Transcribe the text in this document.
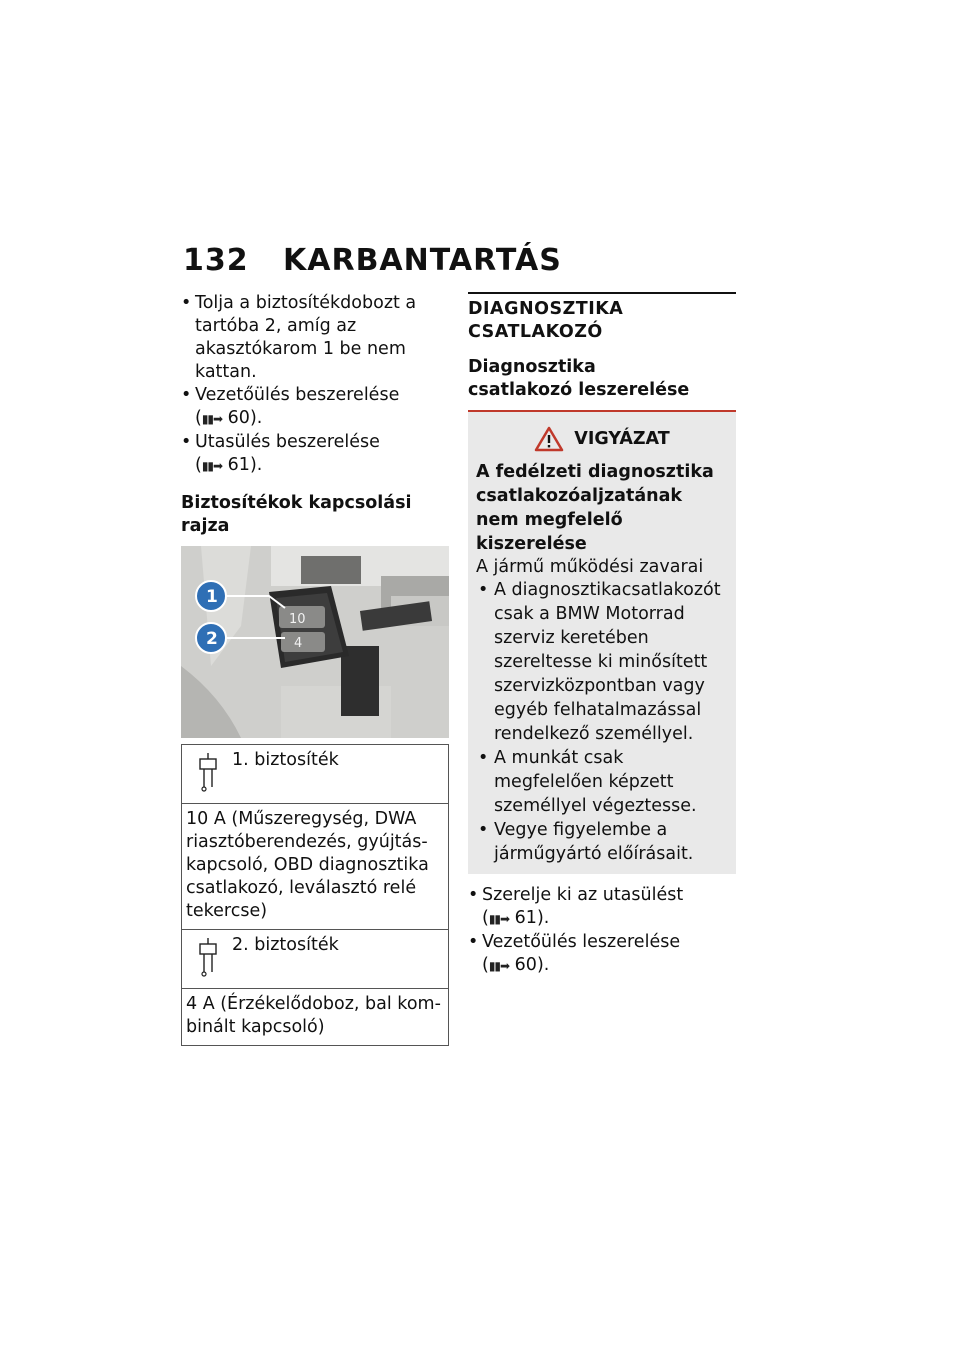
132 KARBANTARTÁS

• Tolja a biztosítékdobozt a tartóba 2, amíg az akasztókarom 1 be nem kattan.

• Vezetőülés beszerelése
(▮▮➡ 60).

• Utasülés beszerelése (▮▮➡ 61).

Biztosítékok kapcsolási rajza
10
4
1
2
1. biztosíték
10 A (Műszeregység, DWA riasztóberendezés, gyújtáskapcsoló, OBD diagnosztika csatlakozó, leválasztó relé tekercse)
2. biztosíték
4 A (Érzékelődoboz, bal kombinált kapcsoló)
DIAGNOSZTIKA CSATLAKOZÓ
Diagnosztika csatlakozó leszerelése
VIGYÁZAT
A fedélzeti diagnosztika csatlakozóaljzatának nem megfelelő kiszerelése
A jármű működési zavarai
• A diagnosztikacsatlakozót csak a BMW Motorrad szerviz keretében szereltesse ki minősített szervizközpontban vagy egyéb felhatalmazással rendelkező személlyel.
• A munkát csak megfelelően képzett személlyel végeztesse.
• Vegye figyelembe a járműgyártó előírásait.

• Szerelje ki az utasülést
(▮▮➡ 61).

• Vezetőülés leszerelése
(▮▮➡ 60).
